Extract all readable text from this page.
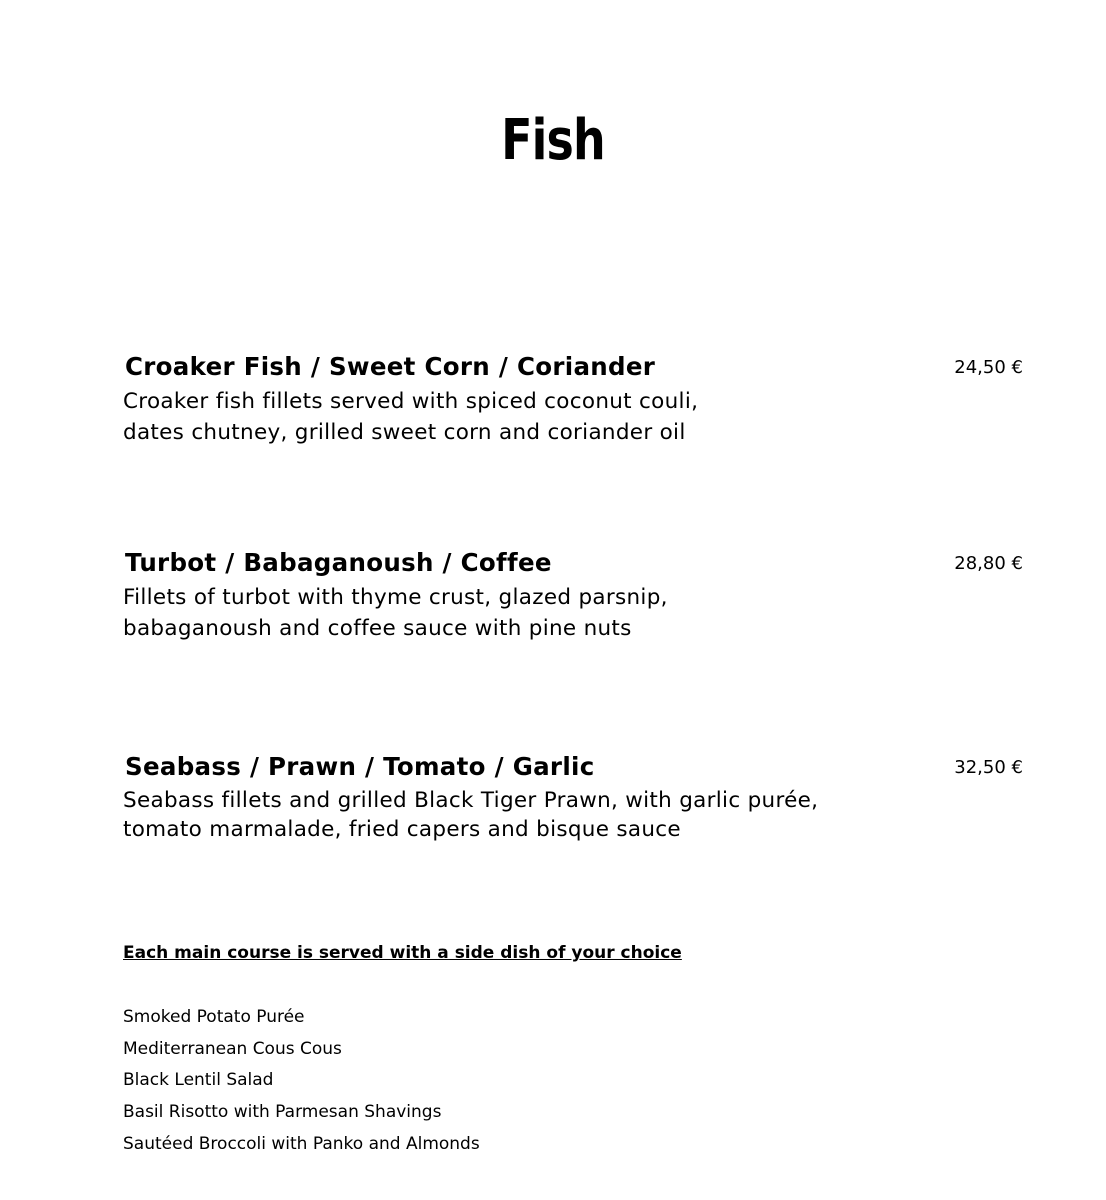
Fish
Croaker Fish / Sweet Corn / Coriander	24,50 €
Croaker fish fillets served with spiced coconut couli,
dates chutney, grilled sweet corn and coriander oil
Turbot / Babaganoush / Coffee	28,80 €
Fillets of turbot with thyme crust, glazed parsnip,
babaganoush and coffee sauce with pine nuts
Seabass / Prawn / Tomato / Garlic	32,50 €
Seabass fillets and grilled Black Tiger Prawn, with garlic purée,
tomato marmalade, fried capers and bisque sauce
Each main course is served with a side dish of your choice
Smoked Potato Purée
Mediterranean Cous Cous
Black Lentil Salad
Basil Risotto with Parmesan Shavings
Sautéed Broccoli with Panko and Almonds
